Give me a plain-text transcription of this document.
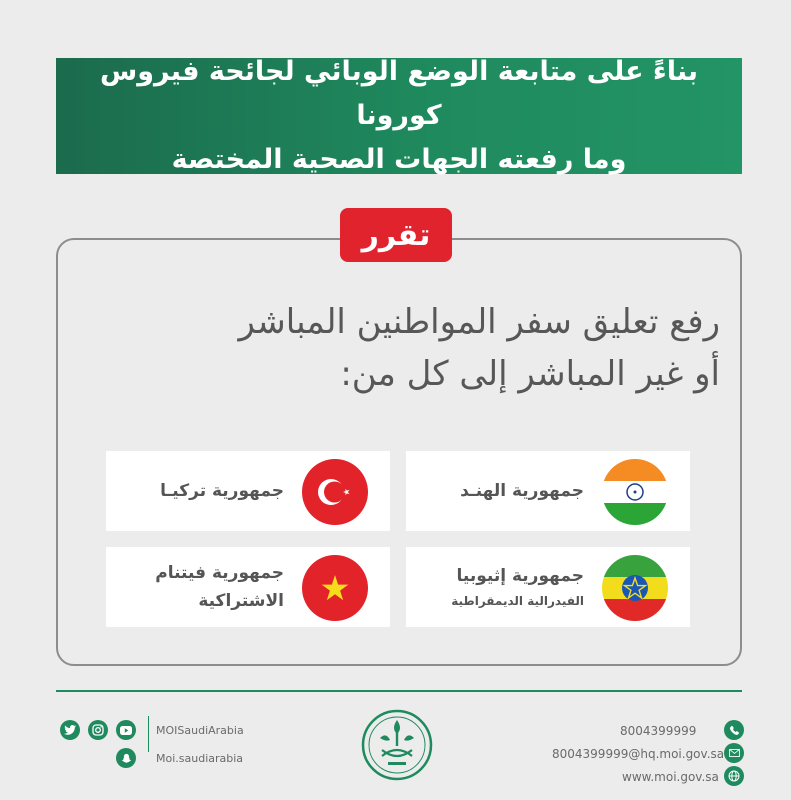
بناءً على متابعة الوضع الوبائي لجائحة فيروس كورونا
وما رفعته الجهات الصحية المختصة
تقرر
رفع تعليق سفر المواطنين المباشر
أو غير المباشر إلى كل من:
جمهورية الهنـد
جمهورية تركيـا
جمهورية إثيوبيا
الفيدرالية الديمقراطية
جمهورية فيتنام
الاشتراكية
MOISaudiArabia
Moi.saudiarabia
8004399999
8004399999@hq.moi.gov.sa
www.moi.gov.sa
